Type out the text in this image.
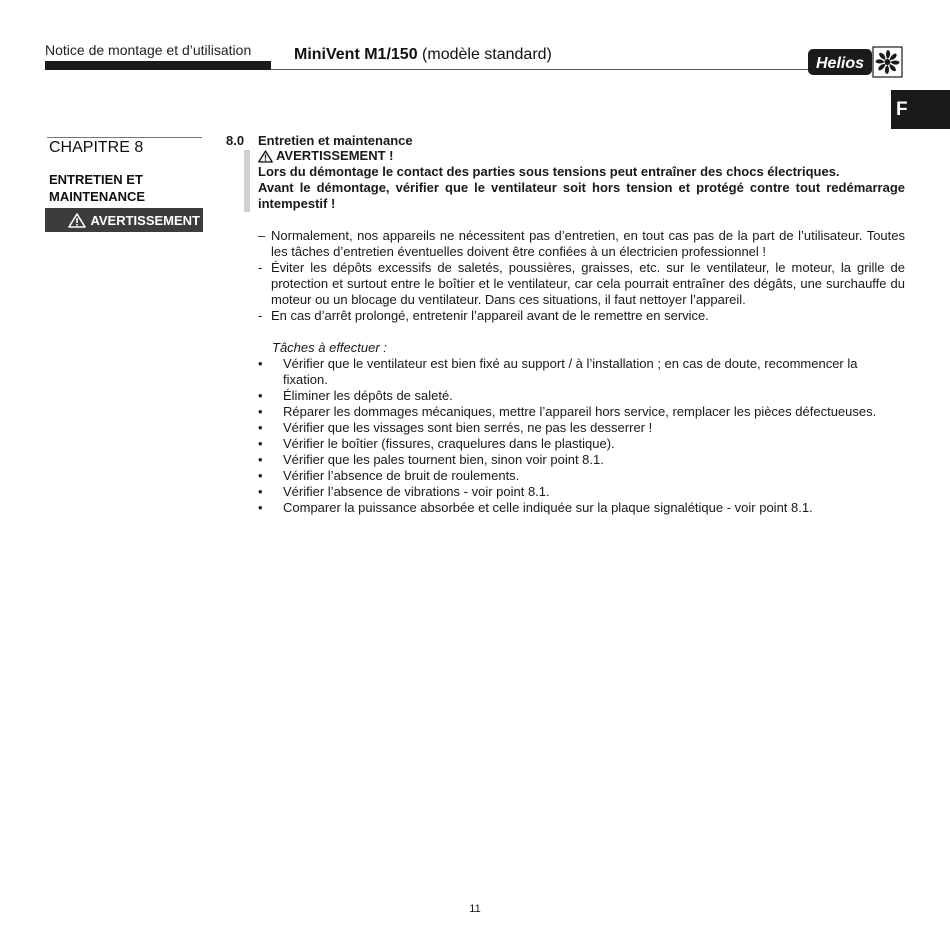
Notice de montage et d’utilisation	MiniVent M1/150 (modèle standard)
Helios
F
CHAPITRE 8
ENTRETIEN ET
MAINTENANCE
AVERTISSEMENT
8.0 Entretien et maintenance
AVERTISSEMENT !

Lors du démontage le contact des parties sous tensions peut entraîner des chocs électriques.

Avant le démontage, vérifier que le ventilateur soit hors tension et protégé contre tout redémarrage intempestif !

– Normalement, nos appareils ne nécessitent pas d’entretien, en tout cas pas de la part de l’utilisateur. Toutes les tâches d’entretien éventuelles doivent être confiées à un électricien professionnel !
- Éviter les dépôts excessifs de saletés, poussières, graisses, etc. sur le ventilateur, le moteur, la grille de protection et surtout entre le boîtier et le ventilateur, car cela pourrait entraîner des dégâts, une surchauffe du moteur ou un blocage du ventilateur. Dans ces situations, il faut nettoyer l’appareil.
- En cas d’arrêt prolongé, entretenir l’appareil avant de le remettre en service.
Tâches à effectuer :
•	Vérifier que le ventilateur est bien fixé au support / à l’installation ; en cas de doute, recommencer la fixation.
•	Éliminer les dépôts de saleté.
•	Réparer les dommages mécaniques, mettre l’appareil hors service, remplacer les pièces défectueuses.
•	Vérifier que les vissages sont bien serrés, ne pas les desserrer !
•	Vérifier le boîtier (fissures, craquelures dans le plastique).
•	Vérifier que les pales tournent bien, sinon voir point 8.1.
•	Vérifier l’absence de bruit de roulements.
•	Vérifier l’absence de vibrations - voir point 8.1.
•	Comparer la puissance absorbée et celle indiquée sur la plaque signalétique - voir point 8.1.
11
